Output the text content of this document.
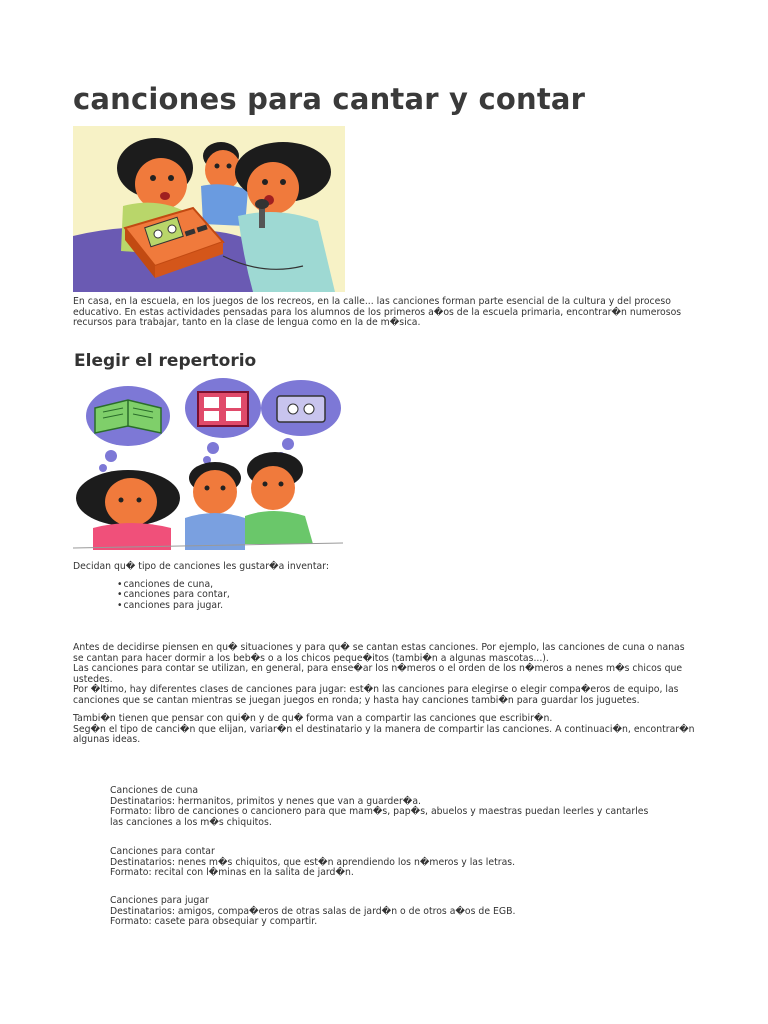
canciones para cantar y contar
En casa, en la escuela, en los juegos de los recreos, en la calle... las canciones forman parte esencial de la cultura y del proceso
educativo. En estas actividades pensadas para los alumnos de los primeros a�os de la escuela primaria, encontrar�n numerosos
recursos para trabajar, tanto en la clase de lengua como en la de m�sica.
Elegir el repertorio
Decidan qu� tipo de canciones les gustar�a inventar:
• canciones de cuna,
• canciones para contar,
• canciones para jugar.
Antes de decidirse piensen en qu� situaciones y para qu� se cantan estas canciones. Por ejemplo, las canciones de cuna o nanas
se cantan para hacer dormir a los beb�s o a los chicos peque�itos (tambi�n a algunas mascotas...).
Las canciones para contar se utilizan, en general, para ense�ar los n�meros o el orden de los n�meros a nenes m�s chicos que
ustedes.
Por �ltimo, hay diferentes clases de canciones para jugar: est�n las canciones para elegirse o elegir compa�eros de equipo, las
canciones que se cantan mientras se juegan juegos en ronda; y hasta hay canciones tambi�n para guardar los juguetes.
Tambi�n tienen que pensar con qui�n y de qu� forma van a compartir las canciones que escribir�n.
Seg�n el tipo de canci�n que elijan, variar�n el destinatario y la manera de compartir las canciones. A continuaci�n, encontrar�n
algunas ideas.
Canciones de cuna
Destinatarios: hermanitos, primitos y nenes que van a guarder�a.
Formato: libro de canciones o cancionero para que mam�s, pap�s, abuelos y maestras puedan leerles y cantarles
las canciones a los m�s chiquitos.
Canciones para contar
Destinatarios: nenes m�s chiquitos, que est�n aprendiendo los n�meros y las letras.
Formato: recital con l�minas en la salita de jard�n.
Canciones para jugar
Destinatarios: amigos, compa�eros de otras salas de jard�n o de otros a�os de EGB.
Formato: casete para obsequiar y compartir.
